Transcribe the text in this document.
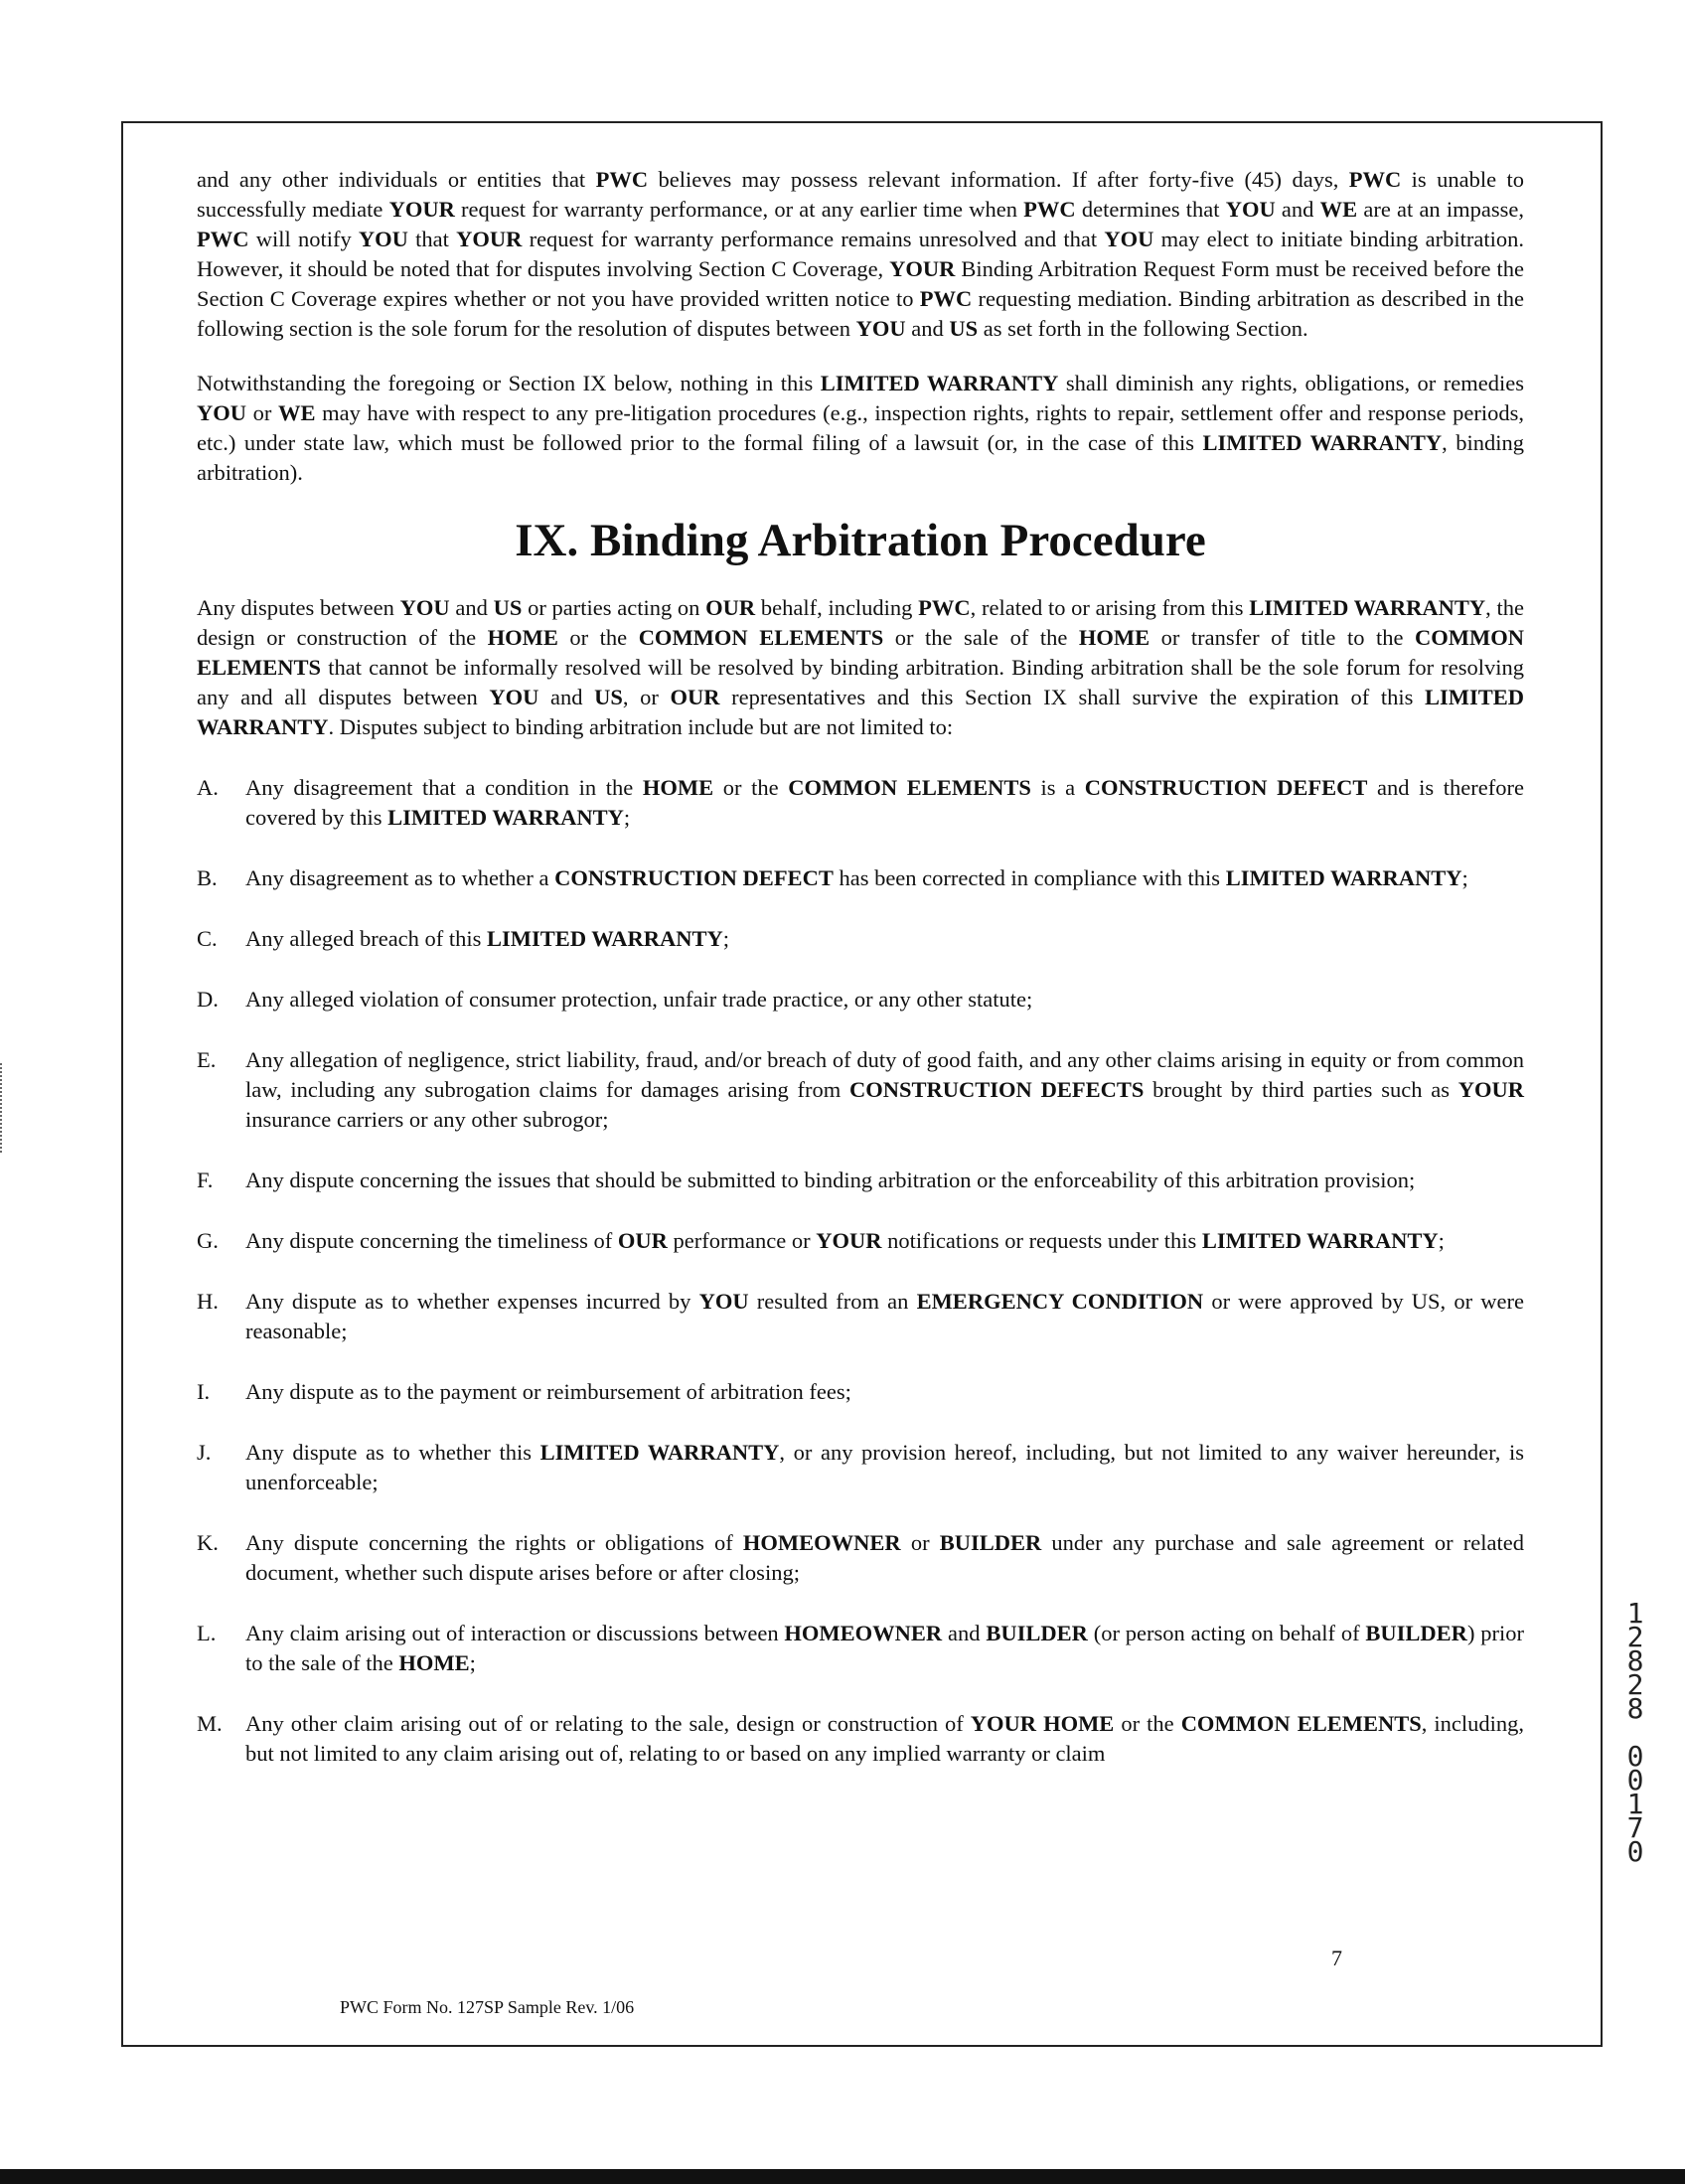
and any other individuals or entities that PWC believes may possess relevant information. If after forty-five (45) days, PWC is unable to successfully mediate YOUR request for warranty performance, or at any earlier time when PWC determines that YOU and WE are at an impasse, PWC will notify YOU that YOUR request for warranty performance remains unresolved and that YOU may elect to initiate binding arbitration. However, it should be noted that for disputes involving Section C Coverage, YOUR Binding Arbitration Request Form must be received before the Section C Coverage expires whether or not you have provided written notice to PWC requesting mediation. Binding arbitration as described in the following section is the sole forum for the resolution of disputes between YOU and US as set forth in the following Section.

Notwithstanding the foregoing or Section IX below, nothing in this LIMITED WARRANTY shall diminish any rights, obligations, or remedies YOU or WE may have with respect to any pre-litigation procedures (e.g., inspection rights, rights to repair, settlement offer and response periods, etc.) under state law, which must be followed prior to the formal filing of a lawsuit (or, in the case of this LIMITED WARRANTY, binding arbitration).

IX. Binding Arbitration Procedure

Any disputes between YOU and US or parties acting on OUR behalf, including PWC, related to or arising from this LIMITED WARRANTY, the design or construction of the HOME or the COMMON ELEMENTS or the sale of the HOME or transfer of title to the COMMON ELEMENTS that cannot be informally resolved will be resolved by binding arbitration. Binding arbitration shall be the sole forum for resolving any and all disputes between YOU and US, or OUR representatives and this Section IX shall survive the expiration of this LIMITED WARRANTY. Disputes subject to binding arbitration include but are not limited to:

A. Any disagreement that a condition in the HOME or the COMMON ELEMENTS is a CONSTRUCTION DEFECT and is therefore covered by this LIMITED WARRANTY;
B. Any disagreement as to whether a CONSTRUCTION DEFECT has been corrected in compliance with this LIMITED WARRANTY;
C. Any alleged breach of this LIMITED WARRANTY;
D. Any alleged violation of consumer protection, unfair trade practice, or any other statute;
E. Any allegation of negligence, strict liability, fraud, and/or breach of duty of good faith, and any other claims arising in equity or from common law, including any subrogation claims for damages arising from CONSTRUCTION DEFECTS brought by third parties such as YOUR insurance carriers or any other subrogor;
F. Any dispute concerning the issues that should be submitted to binding arbitration or the enforceability of this arbitration provision;
G. Any dispute concerning the timeliness of OUR performance or YOUR notifications or requests under this LIMITED WARRANTY;
H. Any dispute as to whether expenses incurred by YOU resulted from an EMERGENCY CONDITION or were approved by US, or were reasonable;
I. Any dispute as to the payment or reimbursement of arbitration fees;
J. Any dispute as to whether this LIMITED WARRANTY, or any provision hereof, including, but not limited to any waiver hereunder, is unenforceable;
K. Any dispute concerning the rights or obligations of HOMEOWNER or BUILDER under any purchase and sale agreement or related document, whether such dispute arises before or after closing;
L. Any claim arising out of interaction or discussions between HOMEOWNER and BUILDER (or person acting on behalf of BUILDER) prior to the sale of the HOME;
M. Any other claim arising out of or relating to the sale, design or construction of YOUR HOME or the COMMON ELEMENTS, including, but not limited to any claim arising out of, relating to or based on any implied warranty or claim
7
PWC Form No. 127SP Sample Rev. 1/06
1
2
8
2
8

0
0
1
7
0
